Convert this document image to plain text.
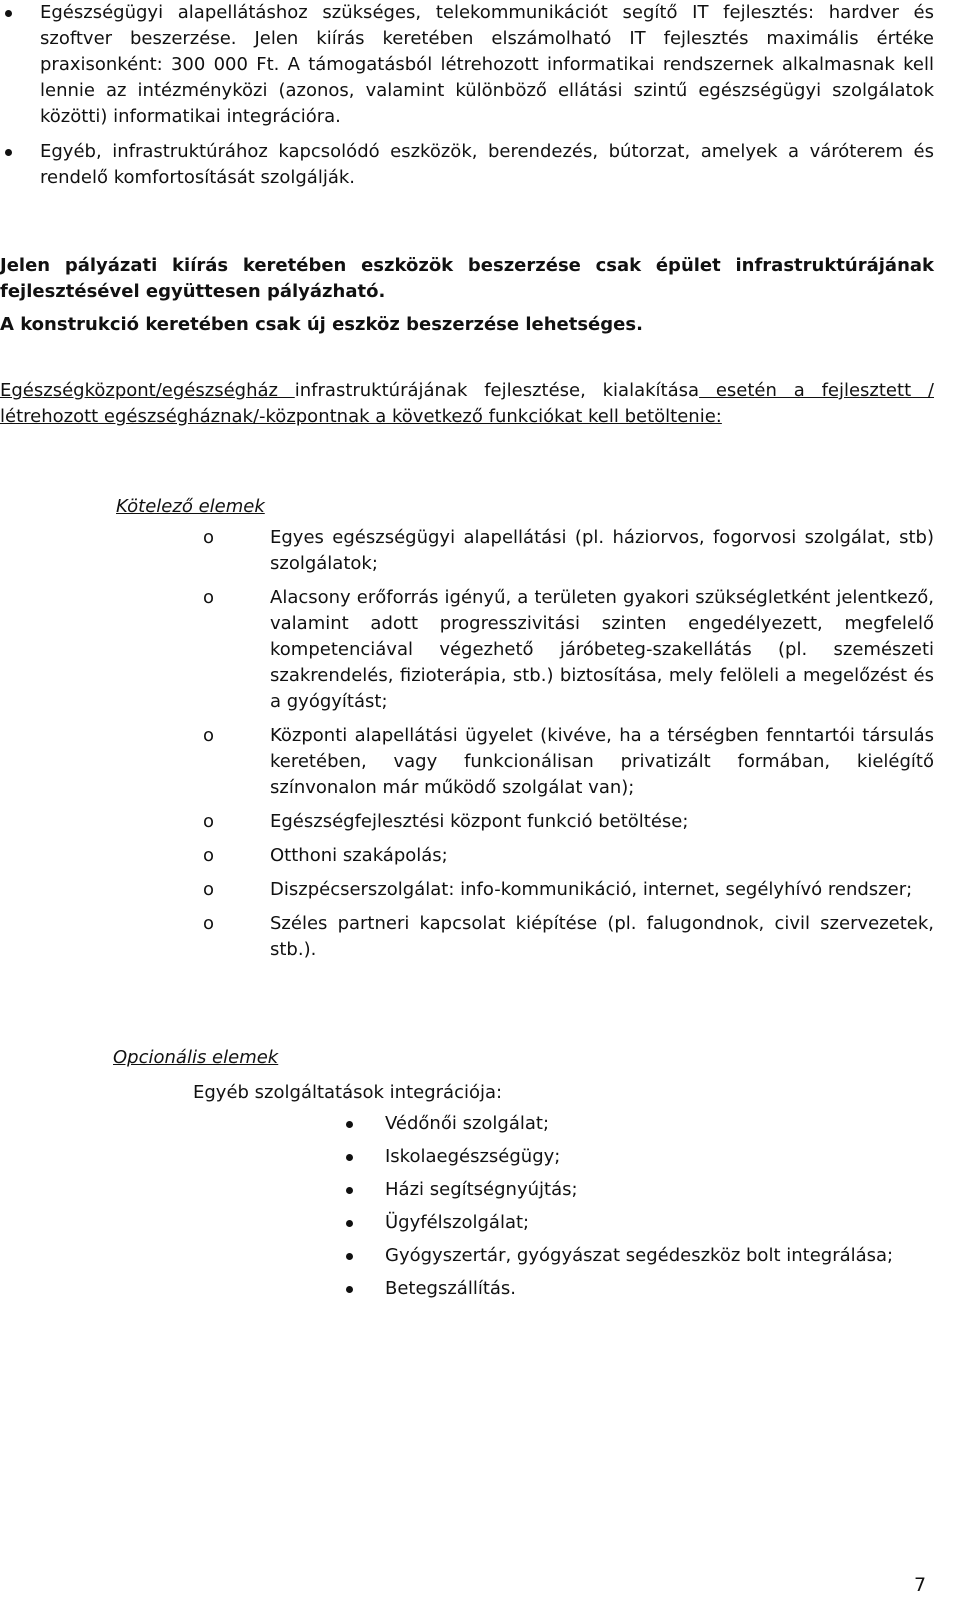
Egészségügyi alapellátáshoz szükséges, telekommunikációt segítő IT fejlesztés: hardver és szoftver beszerzése. Jelen kiírás keretében elszámolható IT fejlesztés maximális értéke praxisonként: 300 000 Ft. A támogatásból létrehozott informatikai rendszernek alkalmasnak kell lennie az intézményközi (azonos, valamint különböző ellátási szintű egészségügyi szolgálatok közötti) informatikai integrációra.
Egyéb, infrastruktúrához kapcsolódó eszközök, berendezés, bútorzat, amelyek a váróterem és rendelő komfortosítását szolgálják.

Jelen pályázati kiírás keretében eszközök beszerzése csak épület infrastruktúrájának fejlesztésével együttesen pályázható.

A konstrukció keretében csak új eszköz beszerzése lehetséges.

Egészségközpont/egészségház infrastruktúrájának fejlesztése, kialakítása esetén a fejlesztett / létrehozott egészségháznak/-központnak a következő funkciókat kell betöltenie:

Kötelező elemek

o	Egyes egészségügyi alapellátási (pl. háziorvos, fogorvosi szolgálat, stb) szolgálatok;
o	Alacsony erőforrás igényű, a területen gyakori szükségletként jelentkező, valamint adott progresszivitási szinten engedélyezett, megfelelő kompetenciával végezhető járóbeteg-szakellátás (pl. szemészeti szakrendelés, fizioterápia, stb.) biztosítása, mely felöleli a megelőzést és a gyógyítást;
o	Központi alapellátási ügyelet (kivéve, ha a térségben fenntartói társulás keretében, vagy funkcionálisan privatizált formában, kielégítő színvonalon már működő szolgálat van);
o	Egészségfejlesztési központ funkció betöltése;
o	Otthoni szakápolás;
o	Diszpécserszolgálat: info-kommunikáció, internet, segélyhívó rendszer;
o	Széles partneri kapcsolat kiépítése (pl. falugondnok, civil szervezetek, stb.).

Opcionális elemek

Egyéb szolgáltatások integrációja:

Védőnői szolgálat;
Iskolaegészségügy;
Házi segítségnyújtás;
Ügyfélszolgálat;
Gyógyszertár, gyógyászat segédeszköz bolt integrálása;
Betegszállítás.

7
